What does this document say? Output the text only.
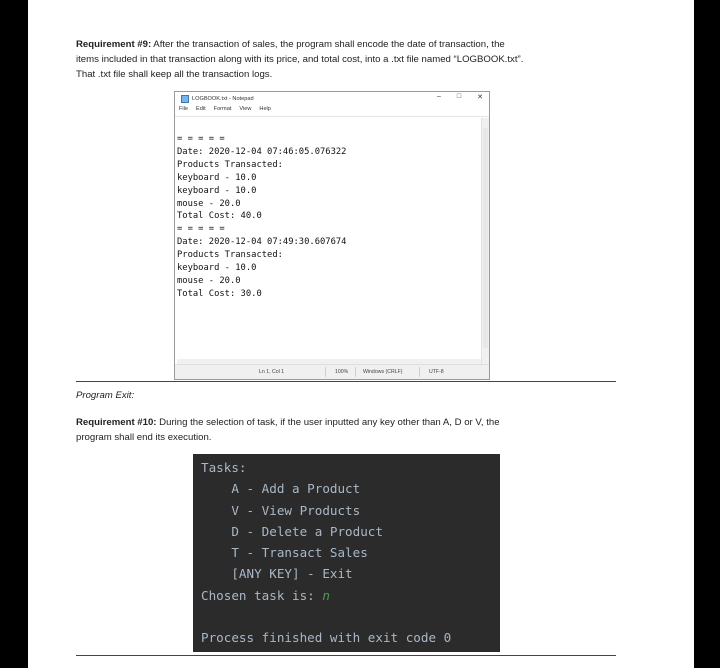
Requirement #9: After the transaction of sales, the program shall encode the date of transaction, the
items included in that transaction along with its price, and total cost, into a .txt file named “LOGBOOK.txt”.
That .txt file shall keep all the transaction logs.
LOGBOOK.txt - Notepad	– □ ✕
File Edit Format View Help
= = = = =
Date: 2020-12-04 07:46:05.076322
Products Transacted:
keyboard - 10.0
keyboard - 10.0
mouse - 20.0
Total Cost: 40.0
= = = = =
Date: 2020-12-04 07:49:30.607674
Products Transacted:
keyboard - 10.0
mouse - 20.0
Total Cost: 30.0
Ln 1, Col 1	100%	Windows (CRLF)	UTF-8
Program Exit:
Requirement #10: During the selection of task, if the user inputted any key other than A, D or V, the
program shall end its execution.
Tasks:
A - Add a Product
V - View Products
D - Delete a Product
T - Transact Sales
[ANY KEY] - Exit
Chosen task is: n

Process finished with exit code 0
